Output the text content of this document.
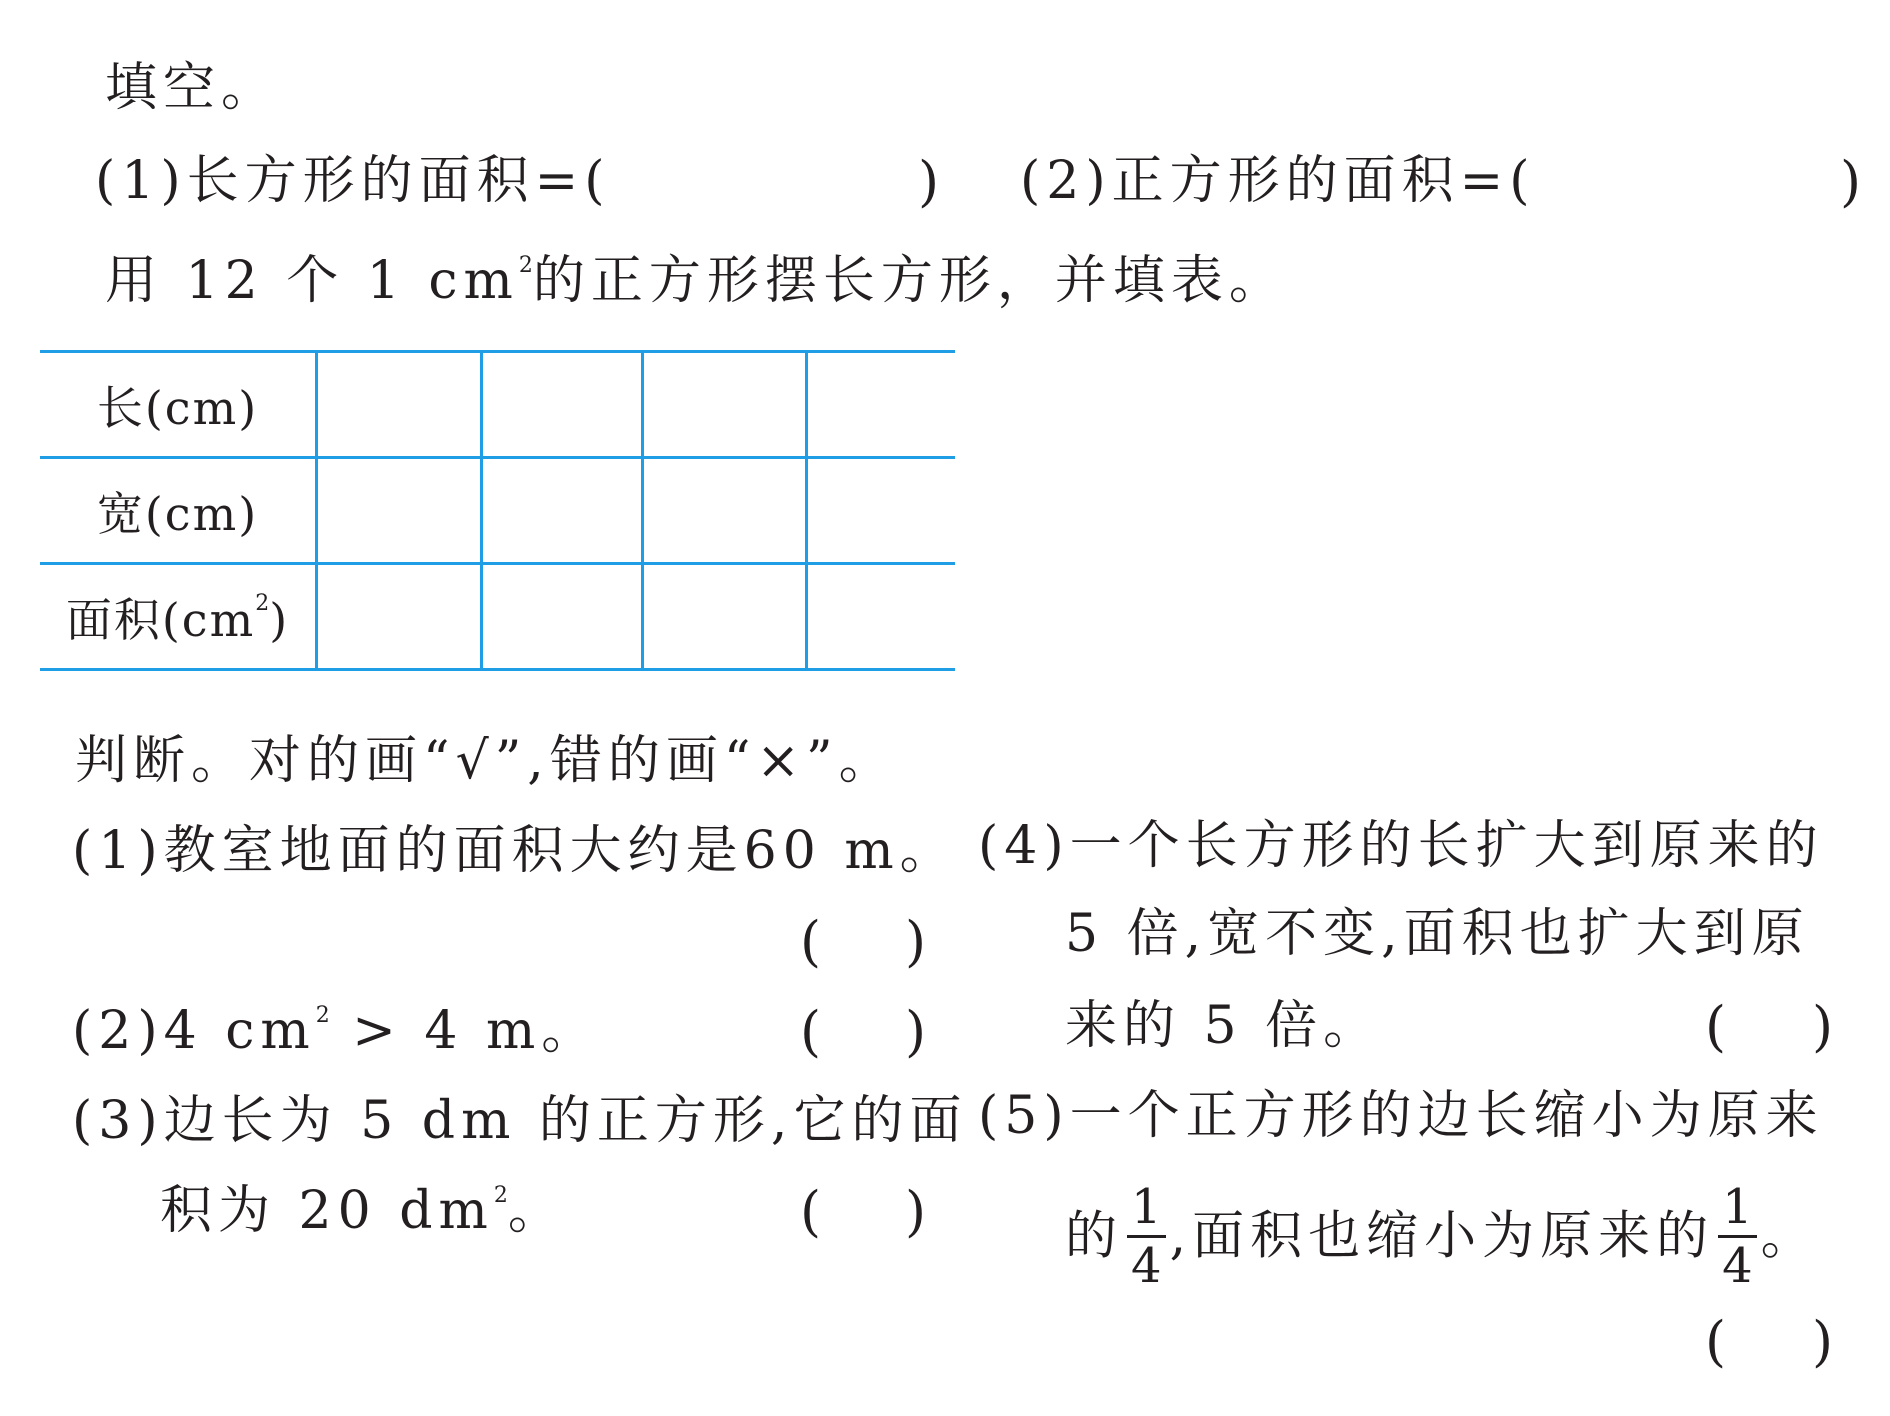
填空。
(1)长方形的面积=(	) (2)正方形的面积=(	)
用 12 个 1 $cm^2$的正方形摆长方形，并填表。
长(cm)				
宽(cm)				
面积$(cm^2)$				
判断。对的画“√”,错的画“×”。
(1)教室地面的面积大约是60 m。
( )
(2)4 $cm^2 > 4$ m。	( )
(3)边长为 5 dm 的正方形,它的面
积为 20 $dm^2$。	( )
(4)一个长方形的长扩大到原来的
5 倍,宽不变,面积也扩大到原
来的 5 倍。	( )
(5)一个正方形的边长缩小为原来
的 $\frac{1}{4}$ ,面积也缩小为原来的 $\frac{1}{4}$ 。
( )
